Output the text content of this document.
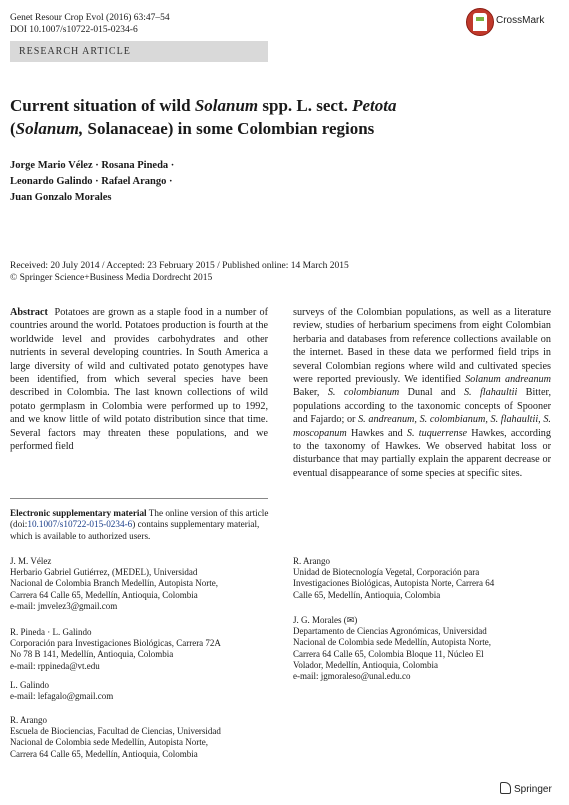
Genet Resour Crop Evol (2016) 63:47–54
DOI 10.1007/s10722-015-0234-6
CrossMark
RESEARCH ARTICLE
Current situation of wild Solanum spp. L. sect. Petota
(Solanum, Solanaceae) in some Colombian regions
Jorge Mario Vélez · Rosana Pineda ·
Leonardo Galindo · Rafael Arango ·
Juan Gonzalo Morales
Received: 20 July 2014 / Accepted: 23 February 2015 / Published online: 14 March 2015
© Springer Science+Business Media Dordrecht 2015
Abstract Potatoes are grown as a staple food in a number of countries around the world. Potatoes production is fourth at the worldwide level and provides carbohydrates and other nutrients in several developing countries. In South America a large diversity of wild and cultivated potato genotypes have been identified, from which several species have been described in Colombia. The last known collections of wild potato germplasm in Colombia were performed up to 1992, and we know little of wild potato distribution since that time. Several factors may threaten these populations, and we performed field
surveys of the Colombian populations, as well as a literature review, studies of herbarium specimens from eight Colombian herbaria and databases from reference collections available on the internet. Based in these data we performed field trips in several Colombian regions where wild and cultivated species were reported previously. We identified Solanum andreanum Baker, S. colombianum Dunal and S. flahaultii Bitter, populations according to the taxonomic concepts of Spooner and Fajardo; or S. andreanum, S. colombianum, S. flahaultii, S. moscopanum Hawkes and S. tuquerrense Hawkes, according to the taxonomy of Hawkes. We observed habitat loss or disturbance that may partially explain the apparent decrease or eventual disappearance of some species at specific sites.
Electronic supplementary material The online version of this article (doi:10.1007/s10722-015-0234-6) contains supplementary material, which is available to authorized users.
J. M. Vélez
Herbario Gabriel Gutiérrez, (MEDEL), Universidad
Nacional de Colombia Branch Medellín, Autopista Norte,
Carrera 64 Calle 65, Medellín, Antioquia, Colombia
e-mail: jmvelez3@gmail.com
R. Pineda · L. Galindo
Corporación para Investigaciones Biológicas, Carrera 72A
No 78 B 141, Medellín, Antioquia, Colombia
e-mail: rppineda@vt.edu
L. Galindo
e-mail: lefagalo@gmail.com
R. Arango
Escuela de Biociencias, Facultad de Ciencias, Universidad
Nacional de Colombia sede Medellín, Autopista Norte,
Carrera 64 Calle 65, Medellín, Antioquia, Colombia
R. Arango
Unidad de Biotecnología Vegetal, Corporación para
Investigaciones Biológicas, Autopista Norte, Carrera 64
Calle 65, Medellín, Antioquia, Colombia
J. G. Morales (✉)
Departamento de Ciencias Agronómicas, Universidad
Nacional de Colombia sede Medellín, Autopista Norte,
Carrera 64 Calle 65, Colombia Bloque 11, Núcleo El
Volador, Medellín, Antioquia, Colombia
e-mail: jgmoraleso@unal.edu.co
Springer
